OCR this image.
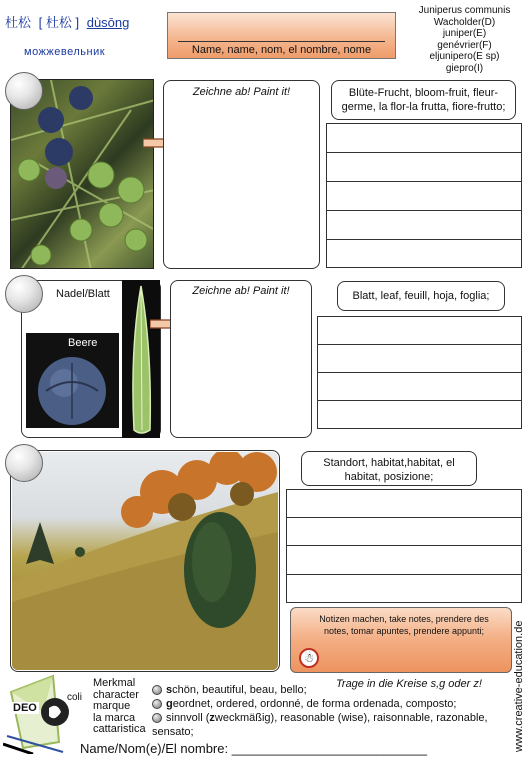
杜松 [ 杜松 ] dùsōng
можжевельник	Name, name, nom, el nombre, nome
Juniperus communis
Wacholder(D)
juniper(E)
genévrier(F)
eljunipero(E sp)
giepro(I)
Zeichne ab! Paint it!	Blüte-Frucht, bloom-fruit, fleur-germe, la flor-la frutta, fiore-frutto;
Nadel/Blatt
Beere
Zeichne ab! Paint it!	Blatt, leaf, feuill, hoja, foglia;
Standort, habitat,habitat, el habitat, posizione;
Notizen machen, take notes, prendere des notes, tomar apuntes, prendere appunti;
☃
Trage in die Kreise s,g oder z!
DEO
coli
Merkmal
character
marque
la marca
cattaristica
schön, beautiful, beau, bello;
geordnet, ordered, ordonné, de forma ordenada, composto;
sinnvoll (zweckmäßig), reasonable (wise), raisonnable, razonable,
sensato;
Name/Nom(e)/El nombre: ___________________________	www.creative-education.de
